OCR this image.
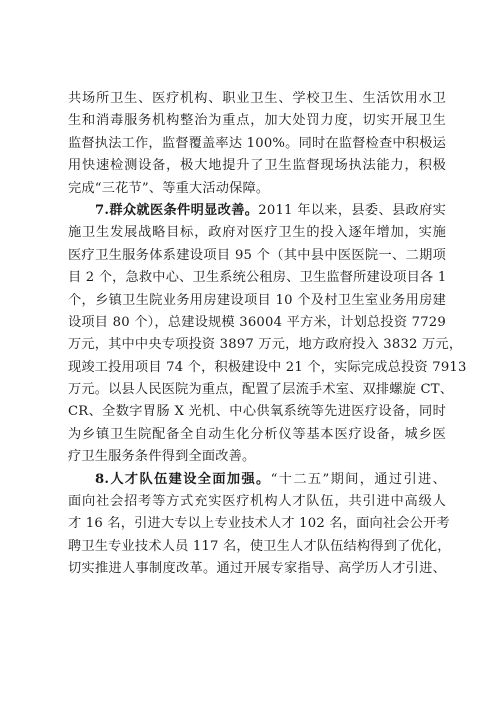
共场所卫生、医疗机构、职业卫生、学校卫生、生活饮用水卫
生和消毒服务机构整治为重点，加大处罚力度，切实开展卫生
监督执法工作，监督覆盖率达 100%。同时在监督检查中积极运
用快速检测设备，极大地提升了卫生监督现场执法能力，积极
完成“三花节”、等重大活动保障。
7.群众就医条件明显改善。2011 年以来，县委、县政府实
施卫生发展战略目标，政府对医疗卫生的投入逐年增加，实施
医疗卫生服务体系建设项目 95 个（其中县中医医院一、二期项
目 2 个，急救中心、卫生系统公租房、卫生监督所建设项目各 1
个，乡镇卫生院业务用房建设项目 10 个及村卫生室业务用房建
设项目 80 个），总建设规模 36004 平方米，计划总投资 7729
万元，其中中央专项投资 3897 万元，地方政府投入 3832 万元，
现竣工投用项目 74 个，积极建设中 21 个，实际完成总投资 7913
万元。以县人民医院为重点，配置了层流手术室、双排螺旋 CT、
CR、全数字胃肠 X 光机、中心供氧系统等先进医疗设备，同时
为乡镇卫生院配备全自动生化分析仪等基本医疗设备，城乡医
疗卫生服务条件得到全面改善。
8.人才队伍建设全面加强。“十二五”期间，通过引进、
面向社会招考等方式充实医疗机构人才队伍，共引进中高级人
才 16 名，引进大专以上专业技术人才 102 名，面向社会公开考
聘卫生专业技术人员 117 名，使卫生人才队伍结构得到了优化，
切实推进人事制度改革。通过开展专家指导、高学历人才引进、
